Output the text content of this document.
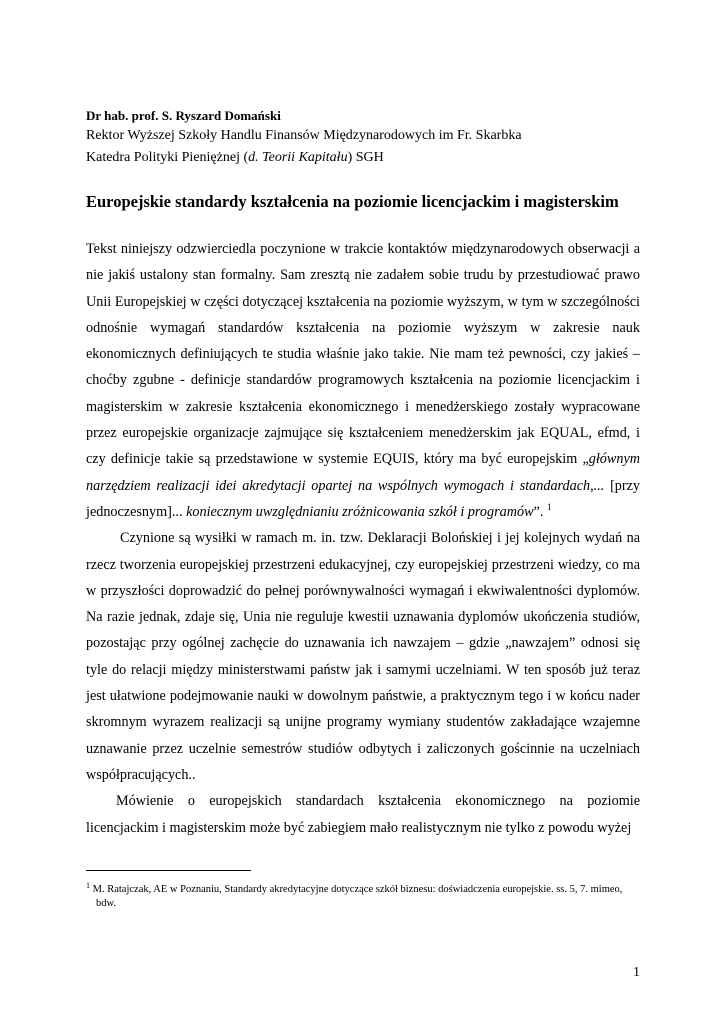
Dr hab. prof. S. Ryszard Domański
Rektor Wyższej Szkoły Handlu Finansów Międzynarodowych im Fr. Skarbka
Katedra Polityki Pieniężnej (d. Teorii Kapitału) SGH
Europejskie standardy kształcenia na poziomie licencjackim i magisterskim

Tekst niniejszy odzwierciedla poczynione w trakcie kontaktów międzynarodowych obserwacji a nie jakiś ustalony stan formalny. Sam zresztą nie zadałem sobie trudu by przestudiować prawo Unii Europejskiej w części dotyczącej kształcenia na poziomie wyższym, w tym w szczególności odnośnie wymagań standardów kształcenia na poziomie wyższym w zakresie nauk ekonomicznych definiujących te studia właśnie jako takie. Nie mam też pewności, czy jakieś – choćby zgubne - definicje standardów programowych kształcenia na poziomie licencjackim i magisterskim w zakresie kształcenia ekonomicznego i menedżerskiego zostały wypracowane przez europejskie organizacje zajmujące się kształceniem menedżerskim jak EQUAL, efmd, i czy definicje takie są przedstawione w systemie EQUIS, który ma być europejskim „głównym narzędziem realizacji idei akredytacji opartej na wspólnych wymogach i standardach,... [przy jednoczesnym]... koniecznym uwzględnianiu zróżnicowania szkół i programów”. $^1$

Czynione są wysiłki w ramach m. in. tzw. Deklaracji Bolońskiej i jej kolejnych wydań na rzecz tworzenia europejskiej przestrzeni edukacyjnej, czy europejskiej przestrzeni wiedzy, co ma w przyszłości doprowadzić do pełnej porównywalności wymagań i ekwiwalentności dyplomów. Na razie jednak, zdaje się, Unia nie reguluje kwestii uznawania dyplomów ukończenia studiów, pozostając przy ogólnej zachęcie do uznawania ich nawzajem – gdzie „nawzajem” odnosi się tyle do relacji między ministerstwami państw jak i samymi uczelniami. W ten sposób już teraz jest ułatwione podejmowanie nauki w dowolnym państwie, a praktycznym tego i w końcu nader skromnym wyrazem realizacji są unijne programy wymiany studentów zakładające wzajemne uznawanie przez uczelnie semestrów studiów odbytych i zaliczonych gościnnie na uczelniach współpracujących..

Mówienie o europejskich standardach kształcenia ekonomicznego na poziomie licencjackim i magisterskim może być zabiegiem mało realistycznym nie tylko z powodu wyżej

$^1$ M. Ratajczak, AE w Poznaniu, Standardy akredytacyjne dotyczące szkół biznesu: doświadczenia europejskie. ss. 5, 7. mimeo,
bdw.
1
